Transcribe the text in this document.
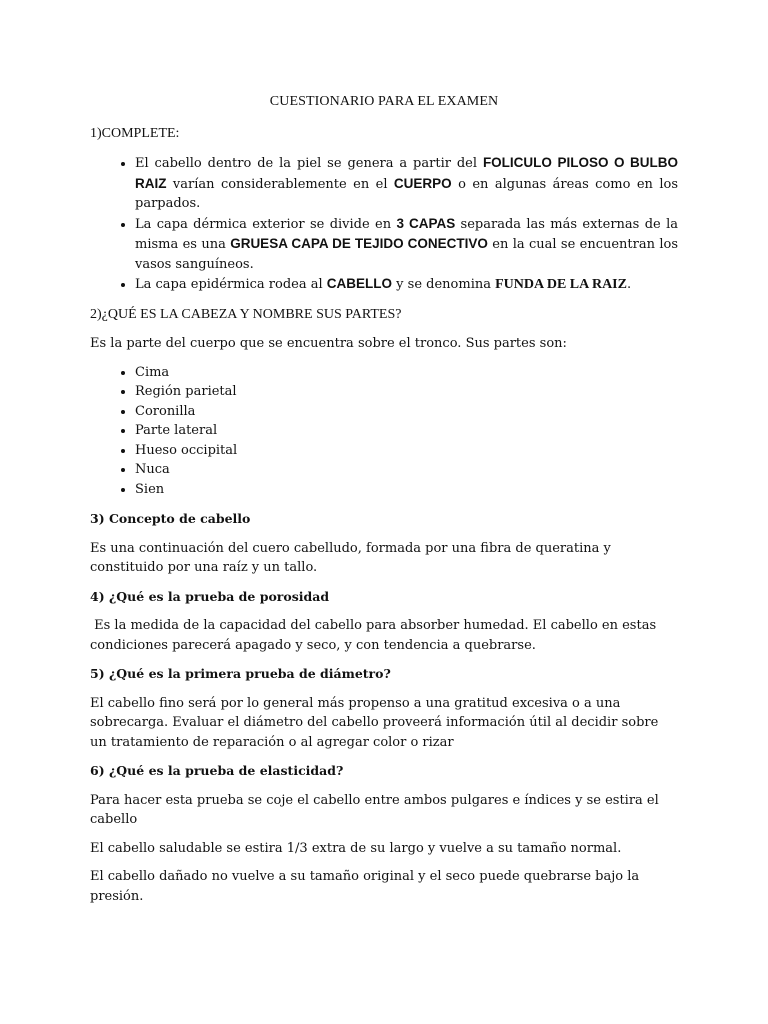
CUESTIONARIO PARA EL EXAMEN
1)COMPLETE:
• El cabello dentro de la piel se genera a partir del FOLICULO PILOSO O BULBO RAIZ varían considerablemente en el CUERPO o en algunas áreas como en los parpados.
• La capa dérmica exterior se divide en 3 CAPAS separada las más externas de la misma es una GRUESA CAPA DE TEJIDO CONECTIVO en la cual se encuentran los vasos sanguíneos.
• La capa epidérmica rodea al CABELLO y se denomina FUNDA DE LA RAIZ.
2)¿QUÉ ES LA CABEZA Y NOMBRE SUS PARTES?

Es la parte del cuerpo que se encuentra sobre el tronco. Sus partes son:

• Cima
• Región parietal
• Coronilla
• Parte lateral
• Hueso occipital
• Nuca
• Sien
3) Concepto de cabello

Es una continuación del cuero cabelludo, formada por una fibra de queratina y constituido por una raíz y un tallo.

4) ¿Qué es la prueba de porosidad

Es la medida de la capacidad del cabello para absorber humedad. El cabello en estas condiciones parecerá apagado y seco, y con tendencia a quebrarse.

5) ¿Qué es la primera prueba de diámetro?

El cabello fino será por lo general más propenso a una gratitud excesiva o a una sobrecarga. Evaluar el diámetro del cabello proveerá información útil al decidir sobre un tratamiento de reparación o al agregar color o rizar

6) ¿Qué es la prueba de elasticidad?

Para hacer esta prueba se coje el cabello entre ambos pulgares e índices y se estira el cabello

El cabello saludable se estira 1/3 extra de su largo y vuelve a su tamaño normal.

El cabello dañado no vuelve a su tamaño original y el seco puede quebrarse bajo la presión.
